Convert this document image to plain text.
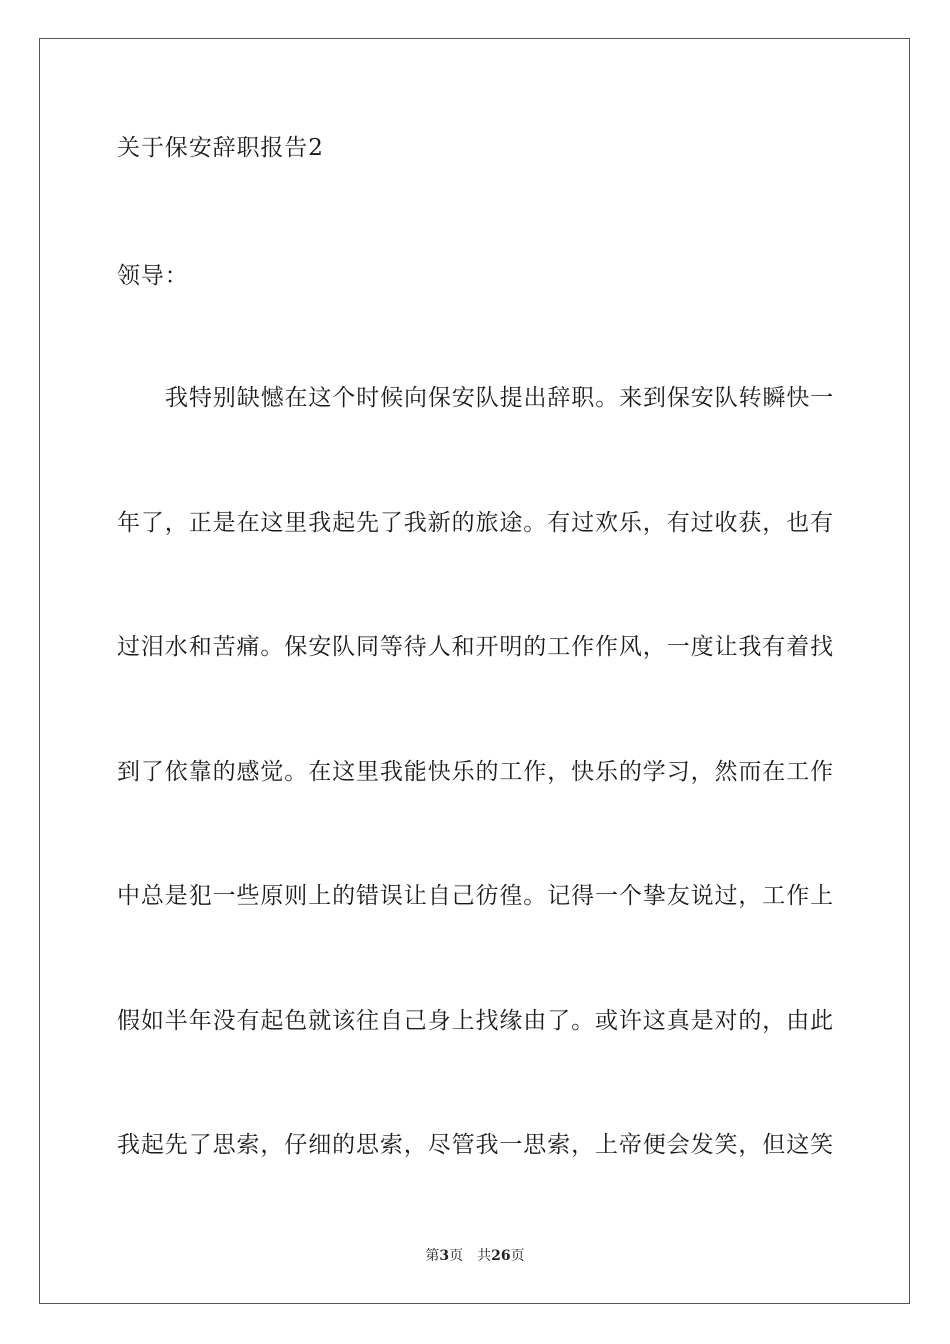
关于保安辞职报告2
领导：
我特别缺憾在这个时候向保安队提出辞职。来到保安队转瞬快一
年了，正是在这里我起先了我新的旅途。有过欢乐，有过收获，也有
过泪水和苦痛。保安队同等待人和开明的工作作风，一度让我有着找
到了依靠的感觉。在这里我能快乐的工作，快乐的学习，然而在工作
中总是犯一些原则上的错误让自己彷徨。记得一个挚友说过，工作上
假如半年没有起色就该往自己身上找缘由了。或许这真是对的，由此
我起先了思索，仔细的思索，尽管我一思索，上帝便会发笑，但这笑
第3页 共26页
